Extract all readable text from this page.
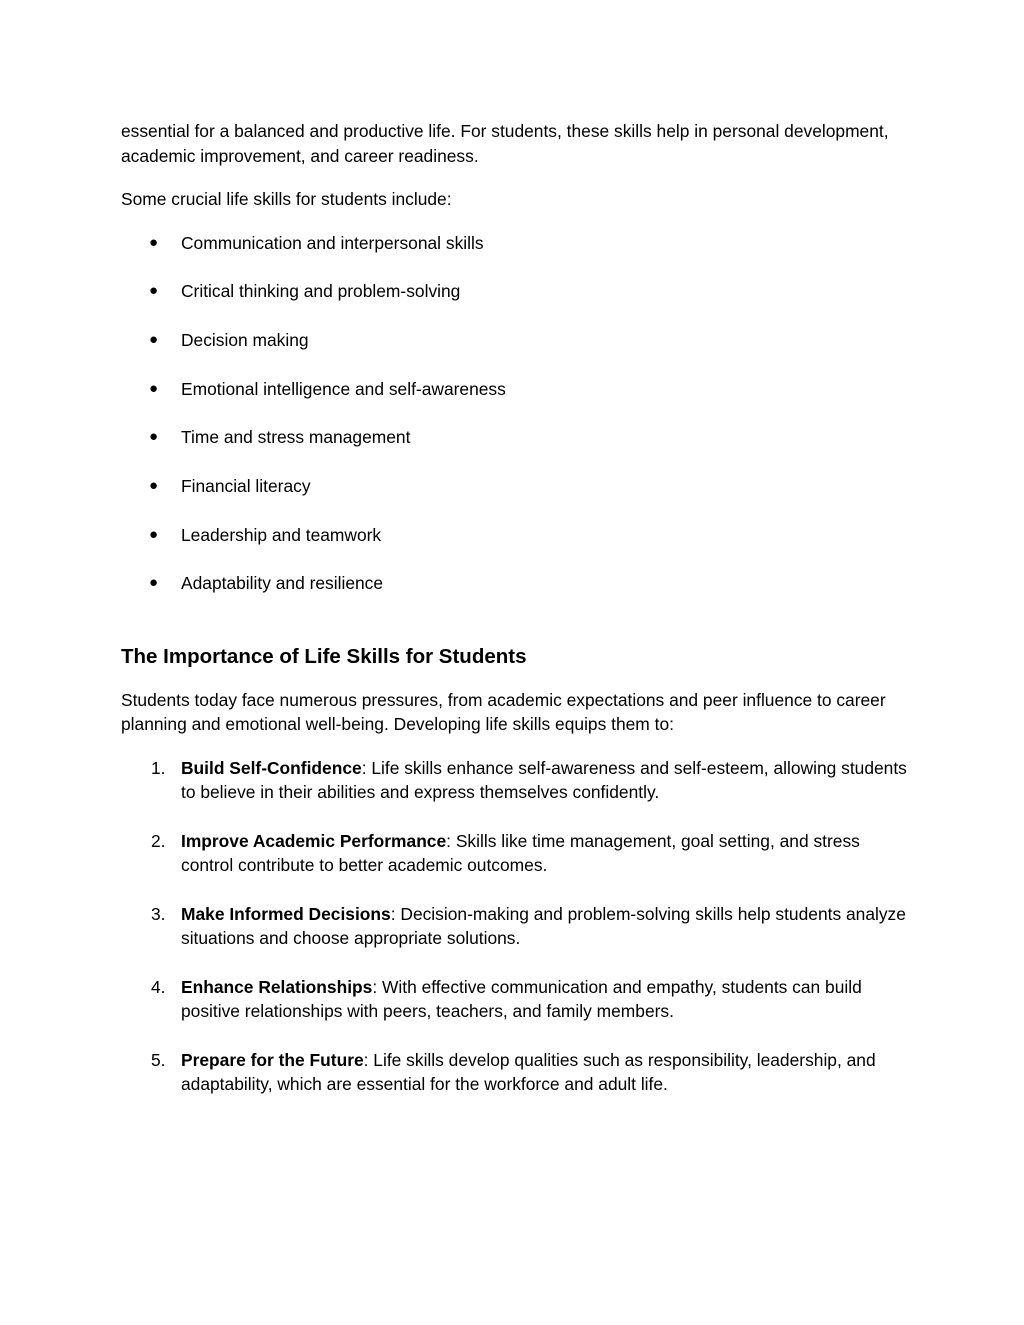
essential for a balanced and productive life. For students, these skills help in personal development, academic improvement, and career readiness.

Some crucial life skills for students include:

● Communication and interpersonal skills
● Critical thinking and problem-solving
● Decision making
● Emotional intelligence and self-awareness
● Time and stress management
● Financial literacy
● Leadership and teamwork
● Adaptability and resilience
The Importance of Life Skills for Students

Students today face numerous pressures, from academic expectations and peer influence to career planning and emotional well-being. Developing life skills equips them to:

1. Build Self-Confidence: Life skills enhance self-awareness and self-esteem, allowing students to believe in their abilities and express themselves confidently.
2. Improve Academic Performance: Skills like time management, goal setting, and stress control contribute to better academic outcomes.
3. Make Informed Decisions: Decision-making and problem-solving skills help students analyze situations and choose appropriate solutions.
4. Enhance Relationships: With effective communication and empathy, students can build positive relationships with peers, teachers, and family members.
5. Prepare for the Future: Life skills develop qualities such as responsibility, leadership, and adaptability, which are essential for the workforce and adult life.
